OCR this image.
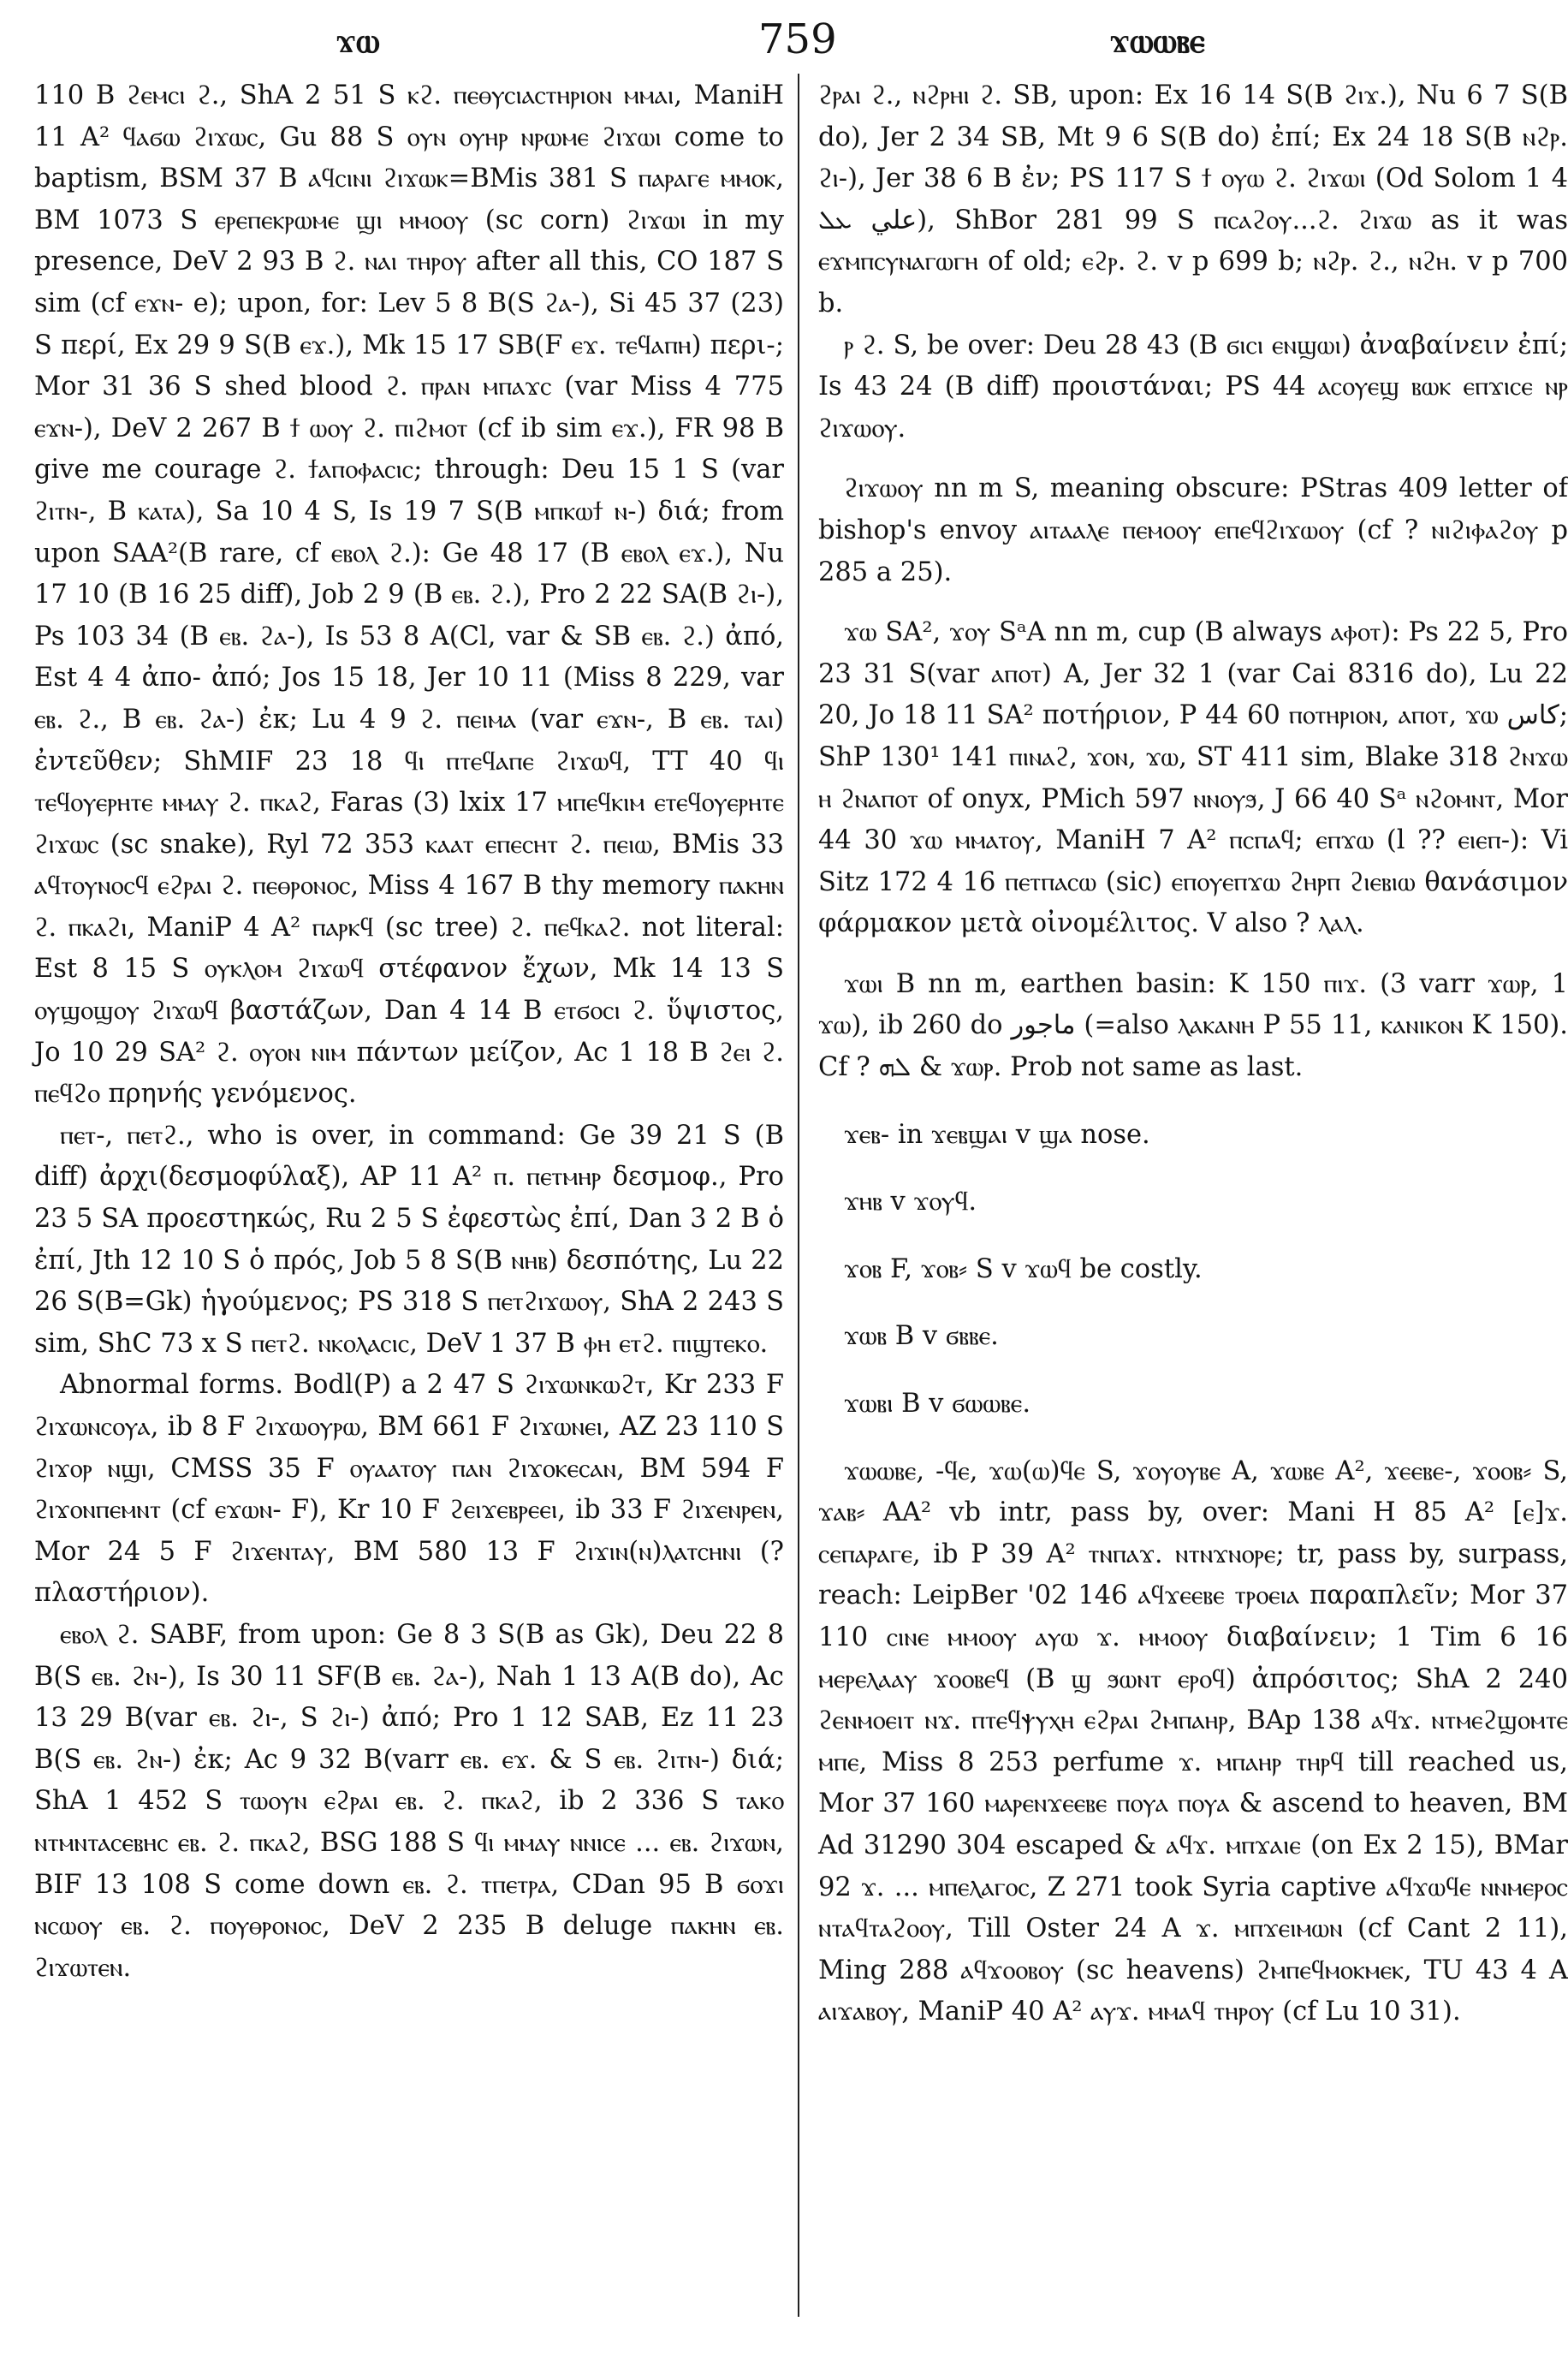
ϫⲱ	759	ϫⲱⲱⲃⲉ

110 B ϩⲉⲙⲥⲓ ϩ., ShA 2 51 S ⲕϩ. ⲡⲉⲑⲩⲥⲓⲁⲥⲧⲏⲣⲓⲟⲛ ⲙⲙⲁⲓ, ManiH 11 A² ϥⲁϭⲱ ϩⲓϫⲱⲥ, Gu 88 S ⲟⲩⲛ ⲟⲩⲏⲣ ⲛⲣⲱⲙⲉ ϩⲓϫⲱⲓ come to baptism, BSM 37 B ⲁϥⲥⲓⲛⲓ ϩⲓϫⲱⲕ=BMis 381 S ⲡⲁⲣⲁⲅⲉ ⲙⲙⲟⲕ, BM 1073 S ⲉⲣⲉⲡⲉⲕⲣⲱⲙⲉ ϣⲓ ⲙⲙⲟⲟⲩ (sc corn) ϩⲓϫⲱⲓ in my presence, DeV 2 93 B ϩ. ⲛⲁⲓ ⲧⲏⲣⲟⲩ after all this, CO 187 S sim (cf ⲉϫⲛ- e); upon, for: Lev 5 8 B(S ϩⲁ-), Si 45 37 (23) S περί, Ex 29 9 S(B ⲉϫ.), Mk 15 17 SB(F ⲉϫ. ⲧⲉϥⲁⲡⲏ) περι-; Mor 31 36 S shed blood ϩ. ⲡⲣⲁⲛ ⲙⲡⲁϫⲥ (var Miss 4 775 ⲉϫⲛ-), DeV 2 267 B ϯ ⲱⲟⲩ ϩ. ⲡⲓϩⲙⲟⲧ (cf ib sim ⲉϫ.), FR 98 B give me courage ϩ. ϯⲁⲡⲟⲫⲁⲥⲓⲥ; through: Deu 15 1 S (var ϩⲓⲧⲛ-, B ⲕⲁⲧⲁ), Sa 10 4 S, Is 19 7 S(B ⲙⲡⲕⲱϯ ⲛ-) διά; from upon SAA²(B rare, cf ⲉⲃⲟⲗ ϩ.): Ge 48 17 (B ⲉⲃⲟⲗ ⲉϫ.), Nu 17 10 (B 16 25 diff), Job 2 9 (B ⲉⲃ. ϩ.), Pro 2 22 SA(B ϩⲓ-), Ps 103 34 (B ⲉⲃ. ϩⲁ-), Is 53 8 A(Cl, var & SB ⲉⲃ. ϩ.) ἀπό, Est 4 4 ἀπο- ἀπό; Jos 15 18, Jer 10 11 (Miss 8 229, var ⲉⲃ. ϩ., B ⲉⲃ. ϩⲁ-) ἐκ; Lu 4 9 ϩ. ⲡⲉⲓⲙⲁ (var ⲉϫⲛ-, B ⲉⲃ. ⲧⲁⲓ) ἐντεῦθεν; ShMIF 23 18 ϥⲓ ⲡⲧⲉϥⲁⲡⲉ ϩⲓϫⲱϥ, TT 40 ϥⲓ ⲧⲉϥⲟⲩⲉⲣⲏⲧⲉ ⲙⲙⲁⲩ ϩ. ⲡⲕⲁϩ, Faras (3) lxix 17 ⲙⲡⲉϥⲕⲓⲙ ⲉⲧⲉϥⲟⲩⲉⲣⲏⲧⲉ ϩⲓϫⲱⲥ (sc snake), Ryl 72 353 ⲕⲁⲁⲧ ⲉⲡⲉⲥⲏⲧ ϩ. ⲡⲉⲓⲱ, BMis 33 ⲁϥⲧⲟⲩⲛⲟⲥϥ ⲉϩⲣⲁⲓ ϩ. ⲡⲉⲑⲣⲟⲛⲟⲥ, Miss 4 167 B thy memory ⲡⲁⲕⲏⲛ ϩ. ⲡⲕⲁϩⲓ, ManiP 4 A² ⲡⲁⲣⲕϥ (sc tree) ϩ. ⲡⲉϥⲕⲁϩ. not literal: Est 8 15 S ⲟⲩⲕⲗⲟⲙ ϩⲓϫⲱϥ στέφανον ἔχων, Mk 14 13 S ⲟⲩϣⲟϣⲟⲩ ϩⲓϫⲱϥ βαστάζων, Dan 4 14 B ⲉⲧϭⲟⲥⲓ ϩ. ὕψιστος, Jo 10 29 SA² ϩ. ⲟⲩⲟⲛ ⲛⲓⲙ πάντων μείζον, Ac 1 18 B ϩⲉⲓ ϩ. ⲡⲉϥϩⲟ πρηνής γενόμενος.

ⲡⲉⲧ-, ⲡⲉⲧϩ., who is over, in command: Ge 39 21 S (B diff) ἀρχι(δεσμοφύλαξ), AP 11 A² ⲡ. ⲡⲉⲧⲙⲏⲣ δεσμοφ., Pro 23 5 SA προεστηκώς, Ru 2 5 S ἐφεστὼς ἐπί, Dan 3 2 B ὁ ἐπί, Jth 12 10 S ὁ πρός, Job 5 8 S(B ⲛⲏⲃ) δεσπότης, Lu 22 26 S(B=Gk) ἡγούμενος; PS 318 S ⲡⲉⲧϩⲓϫⲱⲟⲩ, ShA 2 243 S sim, ShC 73 x S ⲡⲉⲧϩ. ⲛⲕⲟⲗⲁⲥⲓⲥ, DeV 1 37 B ⲫⲏ ⲉⲧϩ. ⲡⲓϣⲧⲉⲕⲟ.

Abnormal forms. Bodl(P) a 2 47 S ϩⲓϫⲱⲛⲕⲱϩⲧ, Kr 233 F ϩⲓϫⲱⲛⲥⲟⲩⲁ, ib 8 F ϩⲓϫⲱⲟⲩⲣⲱ, BM 661 F ϩⲓϫⲱⲛⲉⲓ, AZ 23 110 S ϩⲓϫⲟⲣ ⲛϣⲓ, CMSS 35 F ⲟⲩⲁⲁⲧⲟⲩ ⲡⲁⲛ ϩⲓϫⲟⲕⲉⲥⲁⲛ, BM 594 F ϩⲓϫⲟⲛⲡⲉⲙⲛⲧ (cf ⲉϫⲱⲛ- F), Kr 10 F ϩⲉⲓϫⲉⲃⲣⲉⲉⲓ, ib 33 F ϩⲓϫⲉⲛⲣⲉⲛ, Mor 24 5 F ϩⲓϫⲉⲛⲧⲁⲩ, BM 580 13 F ϩⲓϫⲓⲛ(ⲛ)ⲗⲁⲧⲥⲏⲛⲓ (? πλαστήριον).

ⲉⲃⲟⲗ ϩ. SABF, from upon: Ge 8 3 S(B as Gk), Deu 22 8 B(S ⲉⲃ. ϩⲛ-), Is 30 11 SF(B ⲉⲃ. ϩⲁ-), Nah 1 13 A(B do), Ac 13 29 B(var ⲉⲃ. ϩⲓ-, S ϩⲓ-) ἀπό; Pro 1 12 SAB, Ez 11 23 B(S ⲉⲃ. ϩⲛ-) ἐκ; Ac 9 32 B(varr ⲉⲃ. ⲉϫ. & S ⲉⲃ. ϩⲓⲧⲛ-) διά; ShA 1 452 S ⲧⲱⲟⲩⲛ ⲉϩⲣⲁⲓ ⲉⲃ. ϩ. ⲡⲕⲁϩ, ib 2 336 S ⲧⲁⲕⲟ ⲛⲧⲙⲛⲧⲁⲥⲉⲃⲏⲥ ⲉⲃ. ϩ. ⲡⲕⲁϩ, BSG 188 S ϥⲓ ⲙⲙⲁⲩ ⲛⲛⲓⲥⲉ ... ⲉⲃ. ϩⲓϫⲱⲛ, BIF 13 108 S come down ⲉⲃ. ϩ. ⲧⲡⲉⲧⲣⲁ, CDan 95 B ϭⲟϫⲓ ⲛⲥⲱⲟⲩ ⲉⲃ. ϩ. ⲡⲟⲩⲑⲣⲟⲛⲟⲥ, DeV 2 235 B deluge ⲡⲁⲕⲏⲛ ⲉⲃ. ϩⲓϫⲱⲧⲉⲛ.

ϩⲣⲁⲓ ϩ., ⲛϩⲣⲏⲓ ϩ. SB, upon: Ex 16 14 S(B ϩⲓϫ.), Nu 6 7 S(B do), Jer 2 34 SB, Mt 9 6 S(B do) ἐπί; Ex 24 18 S(B ⲛϩⲣ. ϩⲓ-), Jer 38 6 B ἐν; PS 117 S ϯ ⲟⲩⲱ ϩ. ϩⲓϫⲱⲓ (Od Solom 1 4 ﻋﻠﻲ ܥܠ), ShBor 281 99 S ⲡⲥⲁϩⲟⲩ...ϩ. ϩⲓϫⲱ as it was ⲉϫⲙⲡⲥⲩⲛⲁⲅⲱⲅⲏ of old; ⲉϩⲣ. ϩ. v p 699 b; ⲛϩⲣ. ϩ., ⲛϩⲏ. v p 700 b.

ⲣ ϩ. S, be over: Deu 28 43 (B ϭⲓⲥⲓ ⲉⲛϣⲱⲓ) ἀναβαίνειν ἐπί; Is 43 24 (B diff) προιστάναι; PS 44 ⲁⲥⲟⲩⲉϣ ⲃⲱⲕ ⲉⲡϫⲓⲥⲉ ⲛⲣ ϩⲓϫⲱⲟⲩ.

ϩⲓϫⲱⲟⲩ nn m S, meaning obscure: PStras 409 letter of bishop's envoy ⲁⲓⲧⲁⲁⲗⲉ ⲡⲉⲙⲟⲟⲩ ⲉⲡⲉϥϩⲓϫⲱⲟⲩ (cf ? ⲛⲓϩⲓⲫⲁϩⲟⲩ p 285 a 25).

ϫⲱ SA², ϫⲟⲩ SᵃA nn m, cup (B always ⲁⲫⲟⲧ): Ps 22 5, Pro 23 31 S(var ⲁⲡⲟⲧ) A, Jer 32 1 (var Cai 8316 do), Lu 22 20, Jo 18 11 SA² ποτήριον, P 44 60 ⲡⲟⲧⲏⲣⲓⲟⲛ, ⲁⲡⲟⲧ, ϫⲱ ﻛﺎﺱ; ShP 130¹ 141 ⲡⲓⲛⲁϩ, ϫⲟⲛ, ϫⲱ, ST 411 sim, Blake 318 ϩⲛϫⲱ ⲏ ϩⲛⲁⲡⲟⲧ of onyx, PMich 597 ⲛⲛⲟⲩϧ, J 66 40 Sᵃ ⲛϩⲟⲙⲛⲧ, Mor 44 30 ϫⲱ ⲙⲙⲁⲧⲟⲩ, ManiH 7 A² ⲡⲥⲡⲁϥ; ⲉⲡϫⲱ (l ?? ⲉⲓⲉⲡ-): Vi Sitz 172 4 16 ⲡⲉⲧⲡⲁⲥⲱ (sic) ⲉⲡⲟⲩⲉⲡϫⲱ ϩⲏⲣⲡ ϩⲓⲉⲃⲓⲱ θανάσιμον φάρμακον μετὰ οἰνομέλιτος. V also ? ⲗⲁⲗ.

ϫⲱⲓ B nn m, earthen basin: K 150 ⲡⲓϫ. (3 varr ϫⲱⲣ, 1 ϫⲱ), ib 260 do ﻣﺎﺟﻮﺭ (=also ⲗⲁⲕⲁⲛⲏ P 55 11, ⲕⲁⲛⲓⲕⲟⲛ K 150). Cf ? ܠܗ & ϫⲱⲣ. Prob not same as last.

ϫⲉⲃ- in ϫⲉⲃϣⲁⲓ v ϣⲁ nose.

ϫⲏⲃ v ϫⲟⲩϥ.

ϫⲟⲃ F, ϫⲟⲃ⸗ S v ϫⲱϥ be costly.

ϫⲱⲃ B v ϭⲃⲃⲉ.

ϫⲱⲃⲓ B v ϭⲱⲱⲃⲉ.

ϫⲱⲱⲃⲉ, -ϥⲉ, ϫⲱ(ⲱ)ϥⲉ S, ϫⲟⲩⲟⲩⲃⲉ A, ϫⲱⲃⲉ A², ϫⲉⲉⲃⲉ-, ϫⲟⲟⲃ⸗ S, ϫⲁⲃ⸗ AA² vb intr, pass by, over: Mani H 85 A² [ⲉ]ϫ. ⲥⲉⲡⲁⲣⲁⲅⲉ, ib P 39 A² ⲧⲛⲡⲁϫ. ⲛⲧⲛϫⲛⲟⲣⲉ; tr, pass by, surpass, reach: LeipBer '02 146 ⲁϥϫⲉⲉⲃⲉ ⲧⲣⲟⲉⲓⲁ παραπλεῖν; Mor 37 110 ⲥⲓⲛⲉ ⲙⲙⲟⲟⲩ ⲁⲩⲱ ϫ. ⲙⲙⲟⲟⲩ διαβαίνειν; 1 Tim 6 16 ⲙⲉⲣⲉⲗⲁⲁⲩ ϫⲟⲟⲃⲉϥ (B ϣ ϧⲱⲛⲧ ⲉⲣⲟϥ) ἀπρόσιτος; ShA 2 240 ϩⲉⲛⲙⲟⲉⲓⲧ ⲛϫ. ⲡⲧⲉϥⲯⲩⲭⲏ ⲉϩⲣⲁⲓ ϩⲙⲡⲁⲏⲣ, BAp 138 ⲁϥϫ. ⲛⲧⲙⲉϩϣⲟⲙⲧⲉ ⲙⲡⲉ, Miss 8 253 perfume ϫ. ⲙⲡⲁⲏⲣ ⲧⲏⲣϥ till reached us, Mor 37 160 ⲙⲁⲣⲉⲛϫⲉⲉⲃⲉ ⲡⲟⲩⲁ ⲡⲟⲩⲁ & ascend to heaven, BM Ad 31290 304 escaped & ⲁϥϫ. ⲙⲡϫⲁⲓⲉ (on Ex 2 15), BMar 92 ϫ. ... ⲙⲡⲉⲗⲁⲅⲟⲥ, Z 271 took Syria captive ⲁϥϫⲱϥⲉ ⲛⲛⲙⲉⲣⲟⲥ ⲛⲧⲁϥⲧⲁϩⲟⲟⲩ, Till Oster 24 A ϫ. ⲙⲡϫⲉⲓⲙⲱⲛ (cf Cant 2 11), Ming 288 ⲁϥϫⲟⲟⲃⲟⲩ (sc heavens) ϩⲙⲡⲉϥⲙⲟⲕⲙⲉⲕ, TU 43 4 A ⲁⲓϫⲁⲃⲟⲩ, ManiP 40 A² ⲁⲩϫ. ⲙⲙⲁϥ ⲧⲏⲣⲟⲩ (cf Lu 10 31).
